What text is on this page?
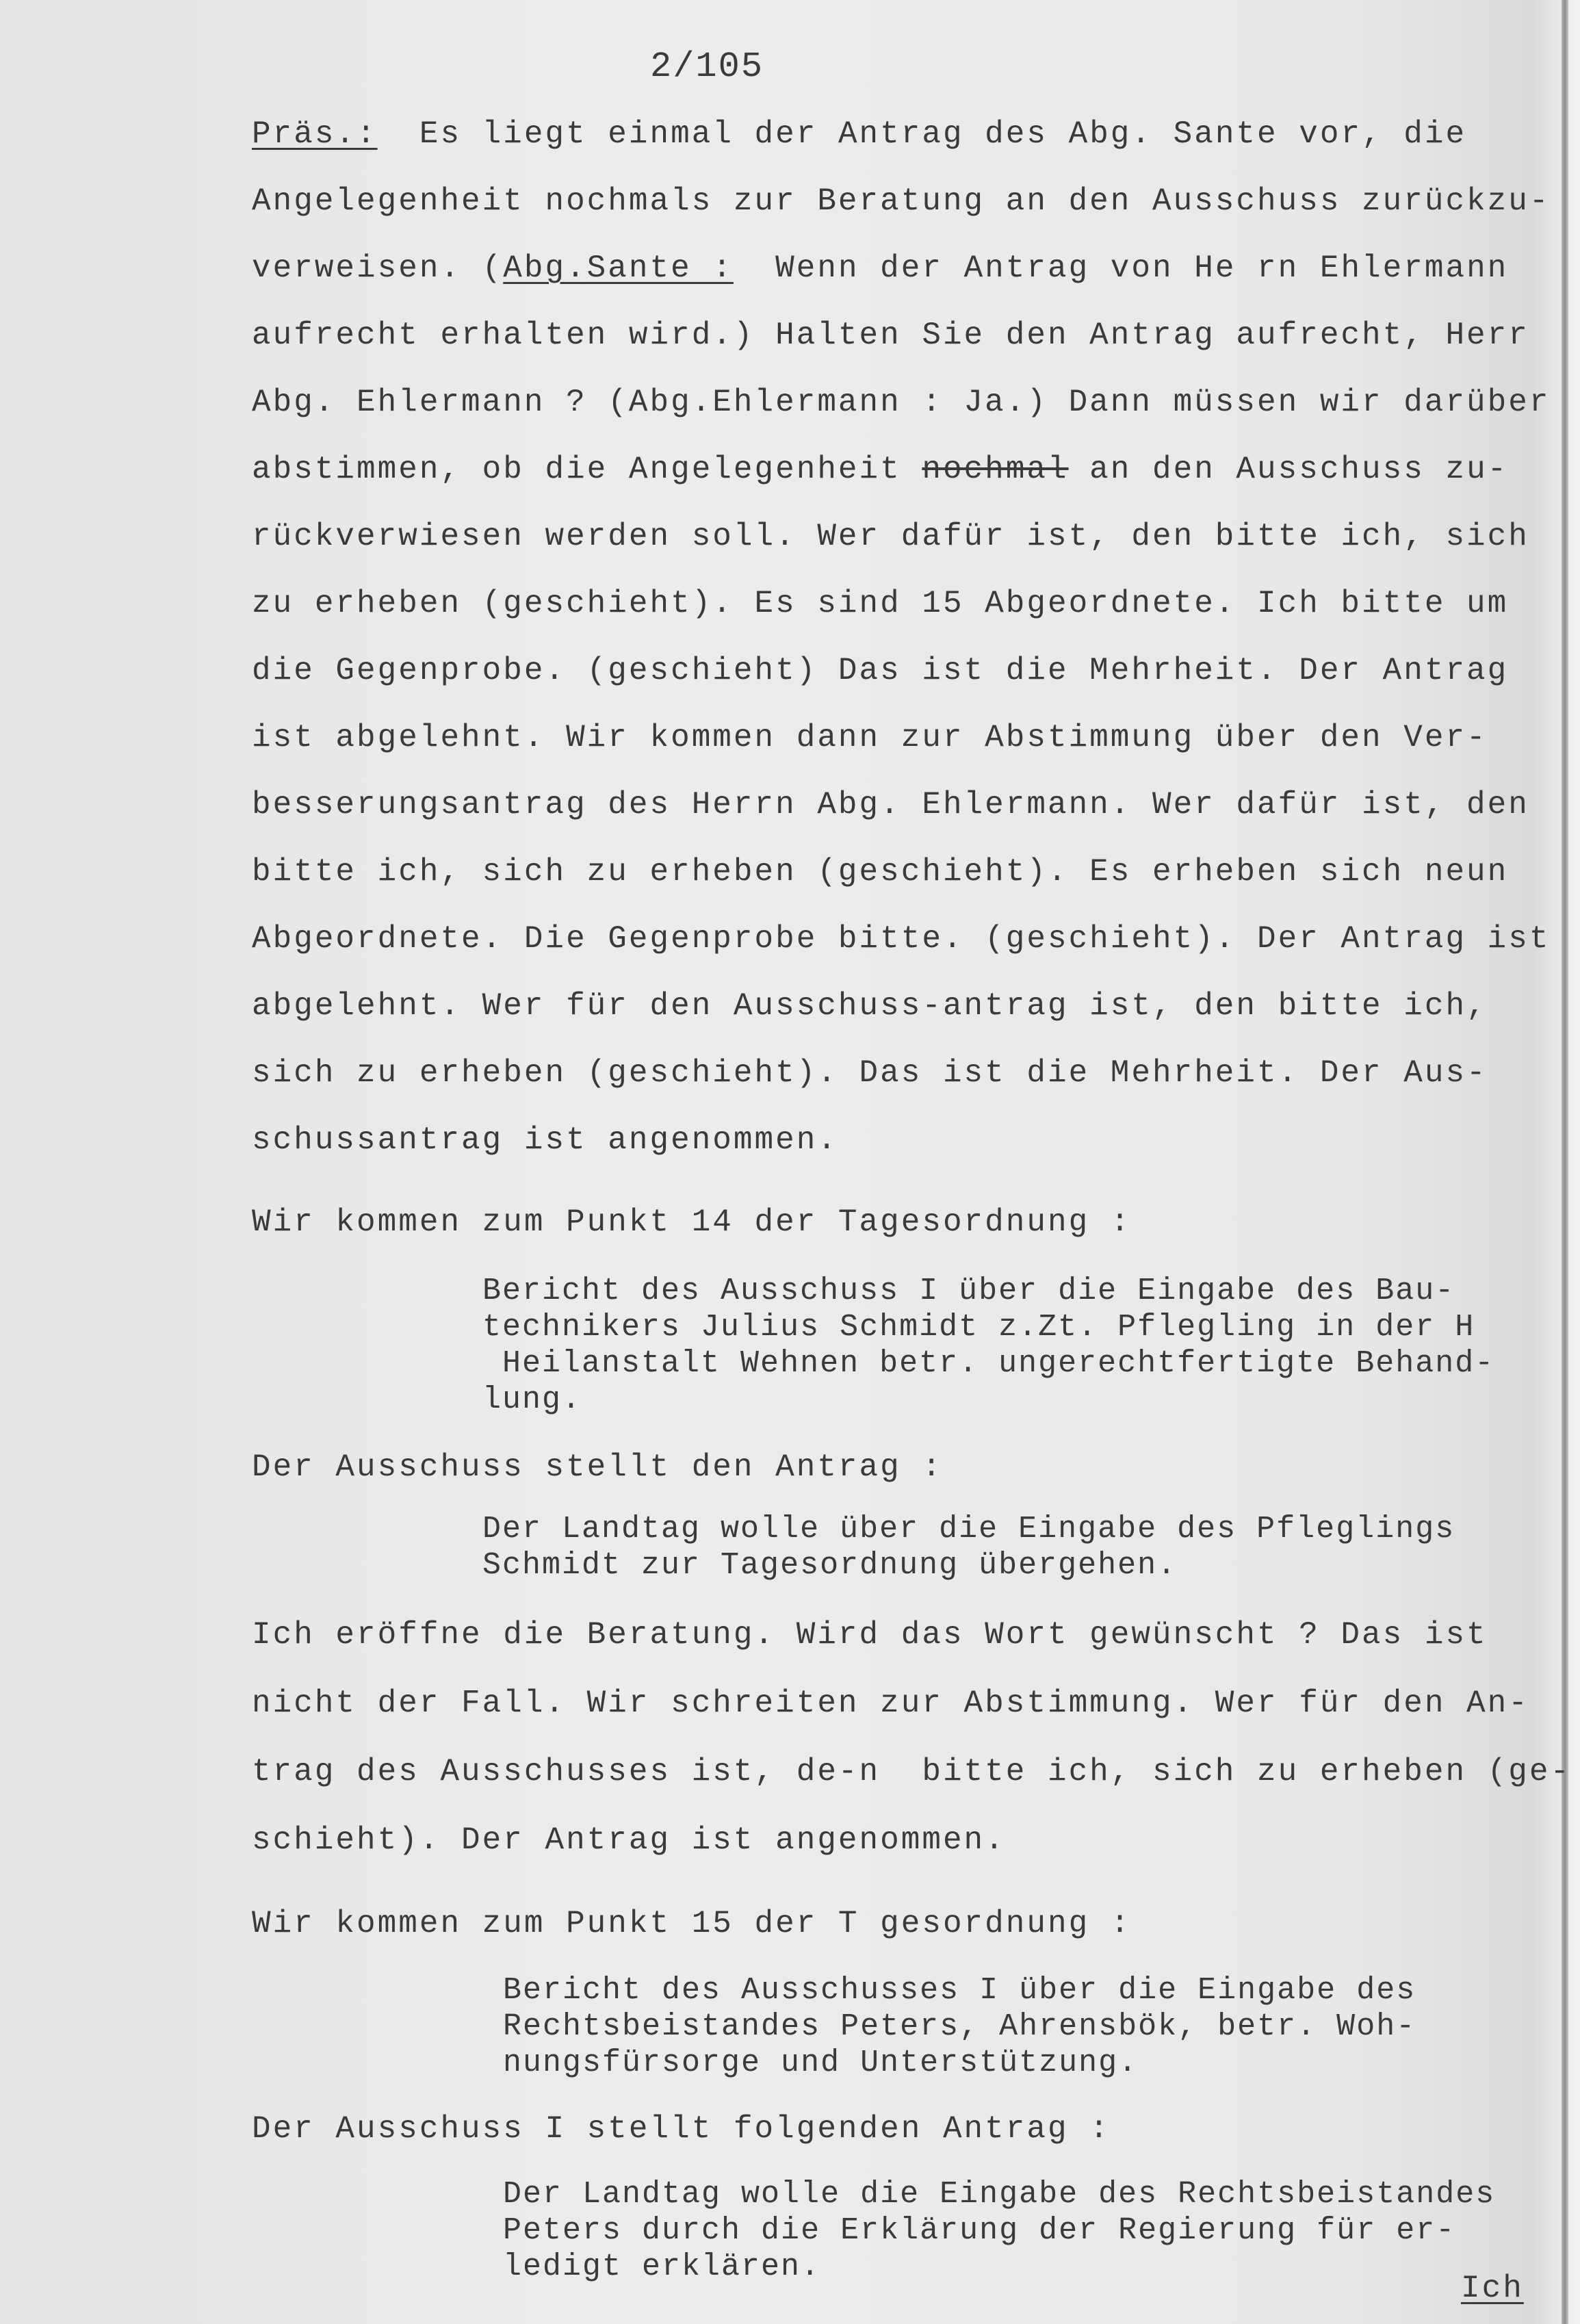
2/105
Präs.:  Es liegt einmal der Antrag des Abg. Sante vor, die
Angelegenheit nochmals zur Beratung an den Ausschuss zurückzu-
verweisen. (Abg.Sante :  Wenn der Antrag von He rn Ehlermann
aufrecht erhalten wird.) Halten Sie den Antrag aufrecht, Herr
Abg. Ehlermann ? (Abg.Ehlermann : Ja.) Dann müssen wir darüber
abstimmen, ob die Angelegenheit nochmal an den Ausschuss zu-
rückverwiesen werden soll. Wer dafür ist, den bitte ich, sich
zu erheben (geschieht). Es sind 15 Abgeordnete. Ich bitte um
die Gegenprobe. (geschieht) Das ist die Mehrheit. Der Antrag
ist abgelehnt. Wir kommen dann zur Abstimmung über den Ver-
besserungsantrag des Herrn Abg. Ehlermann. Wer dafür ist, den
bitte ich, sich zu erheben (geschieht). Es erheben sich neun
Abgeordnete. Die Gegenprobe bitte. (geschieht). Der Antrag ist
abgelehnt. Wer für den Ausschuss-antrag ist, den bitte ich,
sich zu erheben (geschieht). Das ist die Mehrheit. Der Aus-
schussantrag ist angenommen.
Wir kommen zum Punkt 14 der Tagesordnung :
Bericht des Ausschuss I über die Eingabe des Bau-
technikers Julius Schmidt z.Zt. Pflegling in der H
Heilanstalt Wehnen betr. ungerechtfertigte Behand-
lung.
Der Ausschuss stellt den Antrag :
Der Landtag wolle über die Eingabe des Pfleglings
Schmidt zur Tagesordnung übergehen.
Ich eröffne die Beratung. Wird das Wort gewünscht ? Das ist
nicht der Fall. Wir schreiten zur Abstimmung. Wer für den An-
trag des Ausschusses ist, de-n  bitte ich, sich zu erheben (ge-
schieht). Der Antrag ist angenommen.
Wir kommen zum Punkt 15 der T gesordnung :
Bericht des Ausschusses I über die Eingabe des
Rechtsbeistandes Peters, Ahrensbök, betr. Woh-
nungsfürsorge und Unterstützung.
Der Ausschuss I stellt folgenden Antrag :
Der Landtag wolle die Eingabe des Rechtsbeistandes
Peters durch die Erklärung der Regierung für er-
ledigt erklären.
Ich
